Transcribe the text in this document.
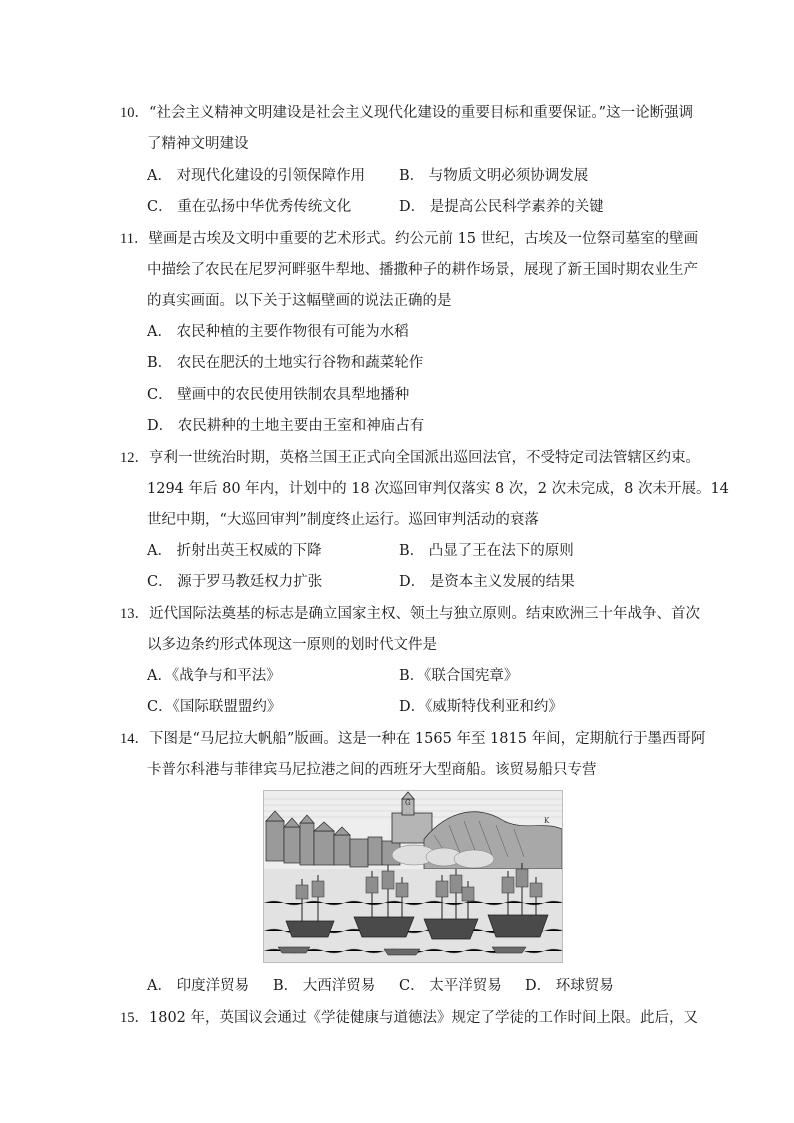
10．“社会主义精神文明建设是社会主义现代化建设的重要目标和重要保证。”这一论断强调
了精神文明建设
A． 对现代化建设的引领保障作用 B． 与物质文明必须协调发展
C． 重在弘扬中华优秀传统文化	D． 是提高公民科学素养的关键
11．壁画是古埃及文明中重要的艺术形式。约公元前 15 世纪，古埃及一位祭司墓室的壁画
中描绘了农民在尼罗河畔驱牛犁地、播撒种子的耕作场景，展现了新王国时期农业生产
的真实画面。以下关于这幅壁画的说法正确的是
A． 农民种植的主要作物很有可能为水稻
B． 农民在肥沃的土地实行谷物和蔬菜轮作
C． 壁画中的农民使用铁制农具犁地播种
D． 农民耕种的土地主要由王室和神庙占有
12．亨利一世统治时期，英格兰国王正式向全国派出巡回法官，不受特定司法管辖区约束。
1294 年后 80 年内，计划中的 18 次巡回审判仅落实 8 次，2 次未完成，8 次未开展。14
世纪中期，“大巡回审判”制度终止运行。巡回审判活动的衰落
A． 折射出英王权威的下降	B． 凸显了王在法下的原则
C． 源于罗马教廷权力扩张	D． 是资本主义发展的结果
13．近代国际法奠基的标志是确立国家主权、领土与独立原则。结束欧洲三十年战争、首次
以多边条约形式体现这一原则的划时代文件是
A．《战争与和平法》	B．《联合国宪章》
C．《国际联盟盟约》	D．《威斯特伐利亚和约》
14．下图是“马尼拉大帆船”版画。这是一种在 1565 年至 1815 年间，定期航行于墨西哥阿
卡普尔科港与菲律宾马尼拉港之间的西班牙大型商船。该贸易船只专营
G
K
A． 印度洋贸易 B． 大西洋贸易 C． 太平洋贸易 D． 环球贸易
15．1802 年，英国议会通过《学徒健康与道德法》规定了学徒的工作时间上限。此后，又
